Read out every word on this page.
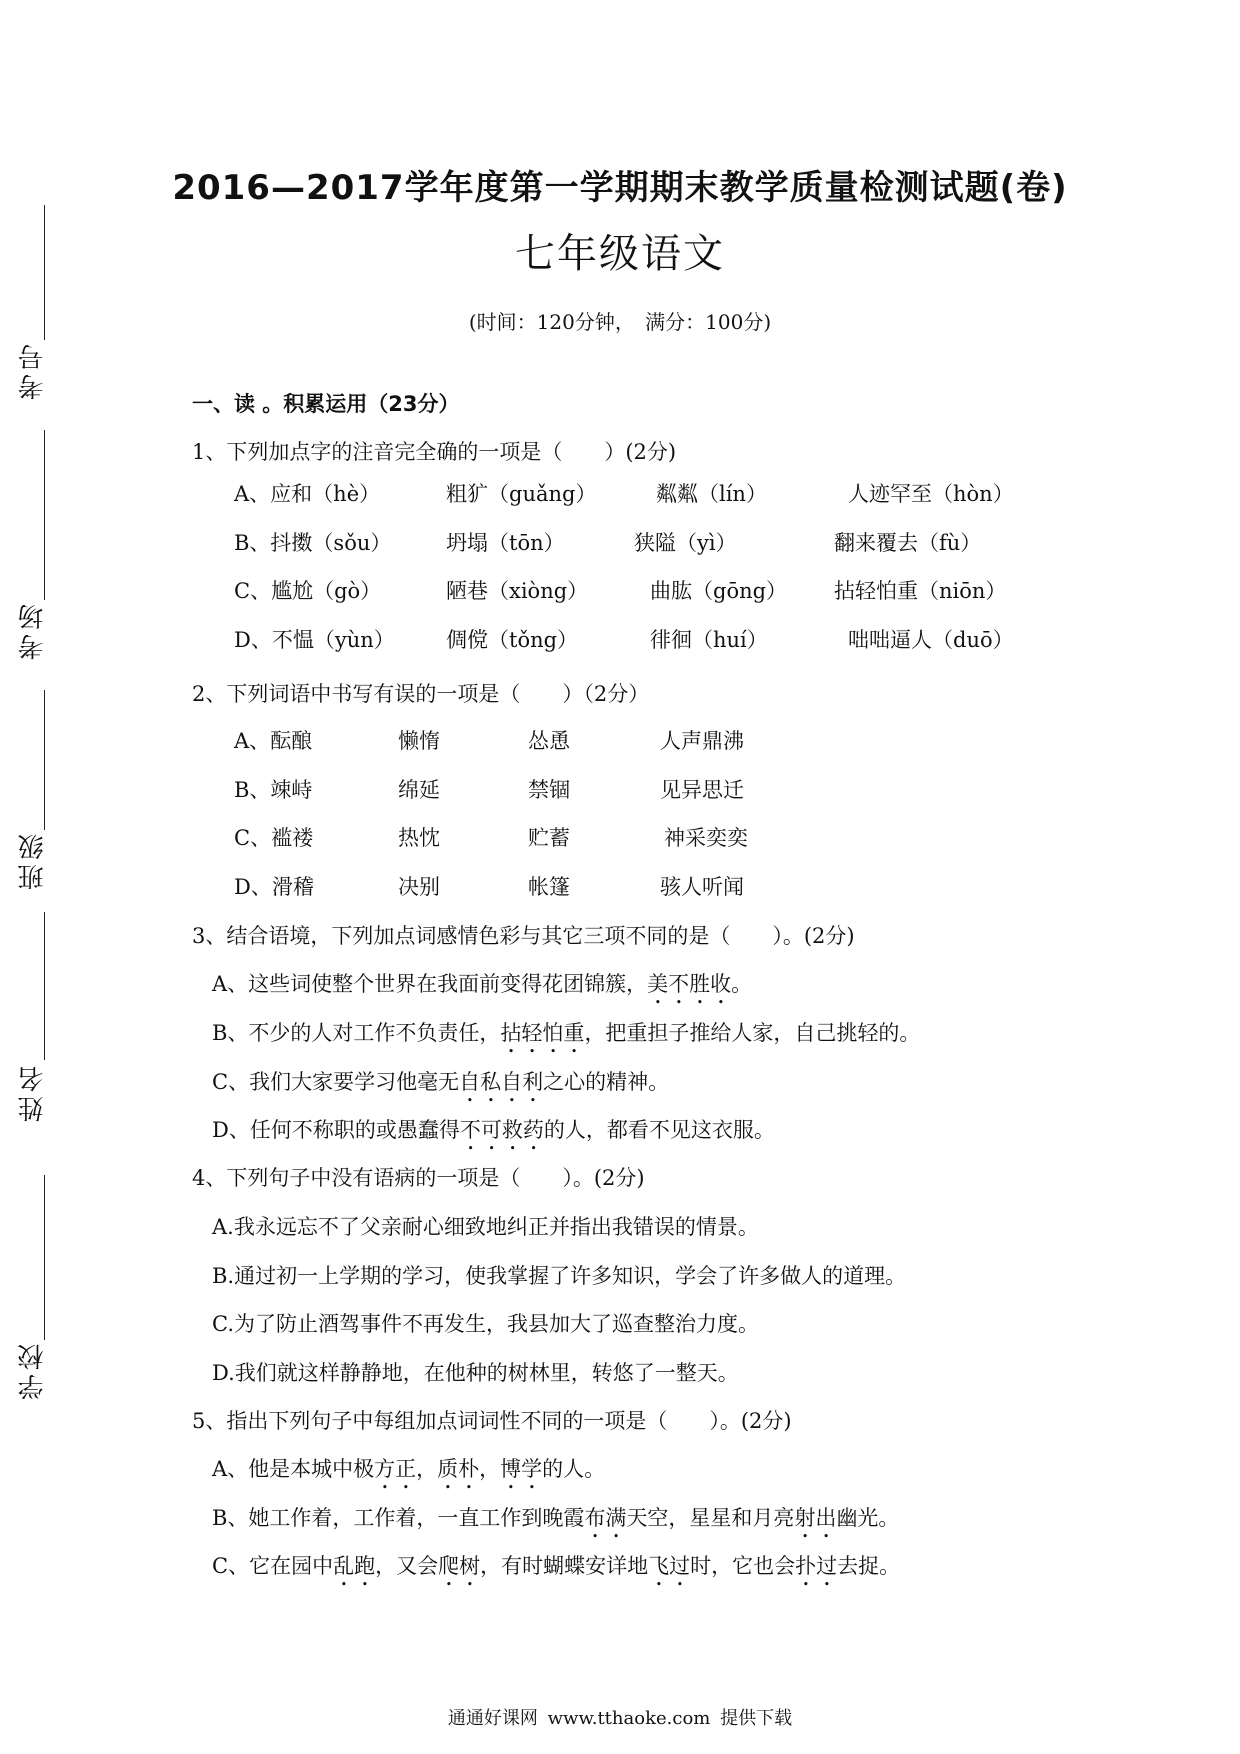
考号
考场
班级
姓名
学校
2016—2017学年度第一学期期末教学质量检测试题(卷)
七年级语文
(时间：120分钟， 满分：100分)
一、读 。积累运用（23分）
1、下列加点字的注音完全确的一项是（　　）(2分)
A、应和（hè）	粗犷（guǎng）	粼粼（lín）	人迹罕至（hòn）
B、抖擞（sǒu）	坍塌（tōn）	狭隘（yì）	翻来覆去（fù）
C、尴尬（gò）	陋巷（xiòng）	曲肱（gōng） 拈轻怕重（niōn）
D、不愠（yùn） 倜傥（tǒng）	徘徊（huí）	咄咄逼人（duō）
2、下列词语中书写有误的一项是（　　）（2分）
A、酝酿	懒惰	怂恿	人声鼎沸
B、竦峙	绵延	禁锢	见异思迁
C、褴褛	热忱	贮蓄	神采奕奕
D、滑稽	决别	帐篷	骇人听闻
3、结合语境，下列加点词感情色彩与其它三项不同的是（　　）。(2分)
A、这些词使整个世界在我面前变得花团锦簇，美不胜收。
B、不少的人对工作不负责任，拈轻怕重，把重担子推给人家，自己挑轻的。
C、我们大家要学习他毫无自私自利之心的精神。
D、任何不称职的或愚蠢得不可救药的人，都看不见这衣服。
4、下列句子中没有语病的一项是（　　）。(2分)
A.我永远忘不了父亲耐心细致地纠正并指出我错误的情景。
B.通过初一上学期的学习，使我掌握了许多知识，学会了许多做人的道理。
C.为了防止酒驾事件不再发生，我县加大了巡查整治力度。
D.我们就这样静静地，在他种的树林里，转悠了一整天。
5、指出下列句子中每组加点词词性不同的一项是（　　）。(2分)
A、他是本城中极方正，质朴，博学的人。
B、她工作着，工作着，一直工作到晚霞布满天空，星星和月亮射出幽光。
C、它在园中乱跑，又会爬树，有时蝴蝶安详地飞过时，它也会扑过去捉。
通通好课网 www.tthaoke.com 提供下载
